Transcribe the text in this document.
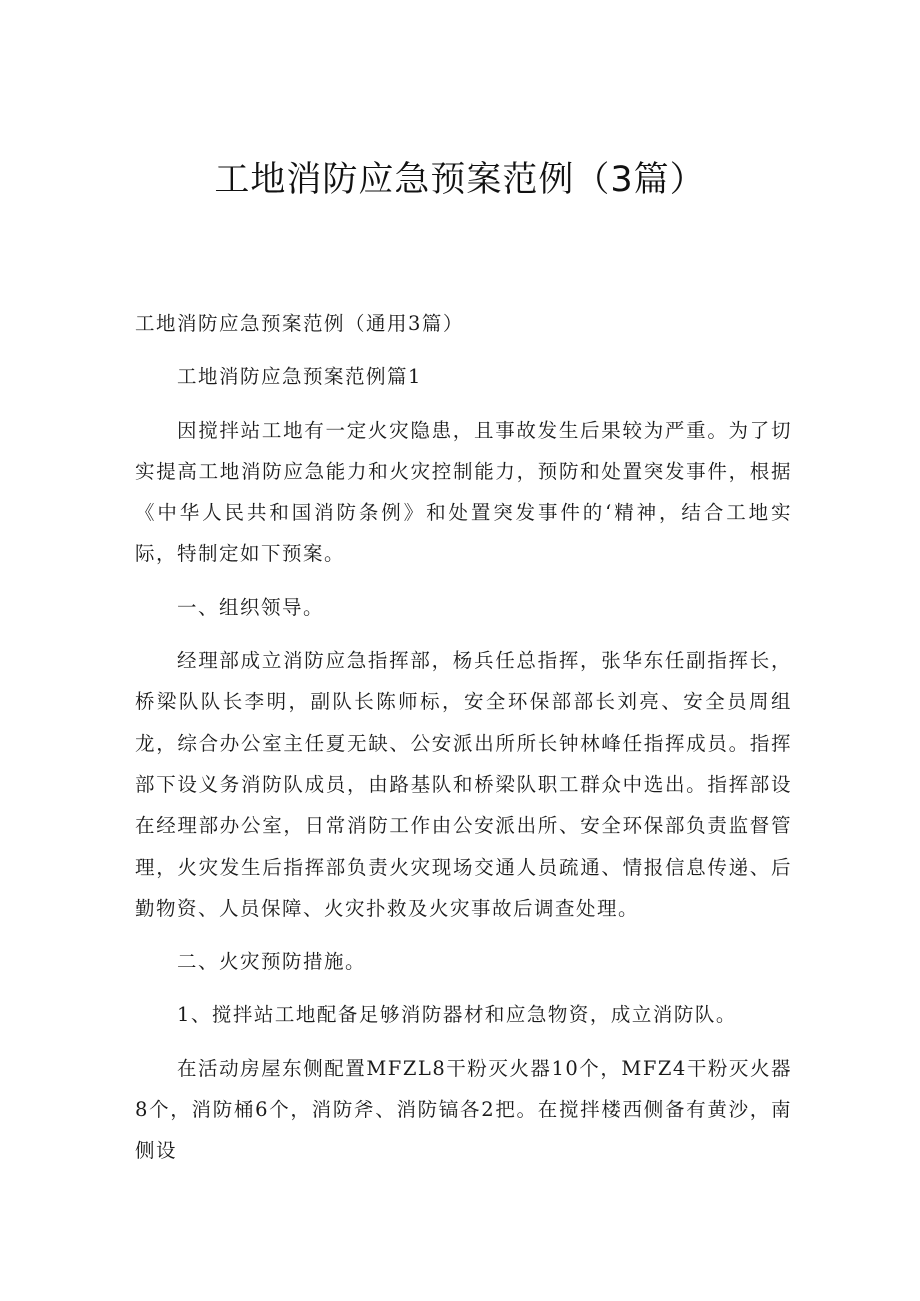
工地消防应急预案范例（3篇）

工地消防应急预案范例（通用3篇）

工地消防应急预案范例篇1

因搅拌站工地有一定火灾隐患，且事故发生后果较为严重。为了切实提高工地消防应急能力和火灾控制能力，预防和处置突发事件，根据《中华人民共和国消防条例》和处置突发事件的‘精神，结合工地实际，特制定如下预案。

一、组织领导。

经理部成立消防应急指挥部，杨兵任总指挥，张华东任副指挥长，桥梁队队长李明，副队长陈师标，安全环保部部长刘亮、安全员周组龙，综合办公室主任夏无缺、公安派出所所长钟林峰任指挥成员。指挥部下设义务消防队成员，由路基队和桥梁队职工群众中选出。指挥部设在经理部办公室，日常消防工作由公安派出所、安全环保部负责监督管理，火灾发生后指挥部负责火灾现场交通人员疏通、情报信息传递、后勤物资、人员保障、火灾扑救及火灾事故后调查处理。

二、火灾预防措施。

1、搅拌站工地配备足够消防器材和应急物资，成立消防队。

在活动房屋东侧配置MFZL8干粉灭火器10个，MFZ4干粉灭火器8个，消防桶6个，消防斧、消防镐各2把。在搅拌楼西侧备有黄沙，南侧设
